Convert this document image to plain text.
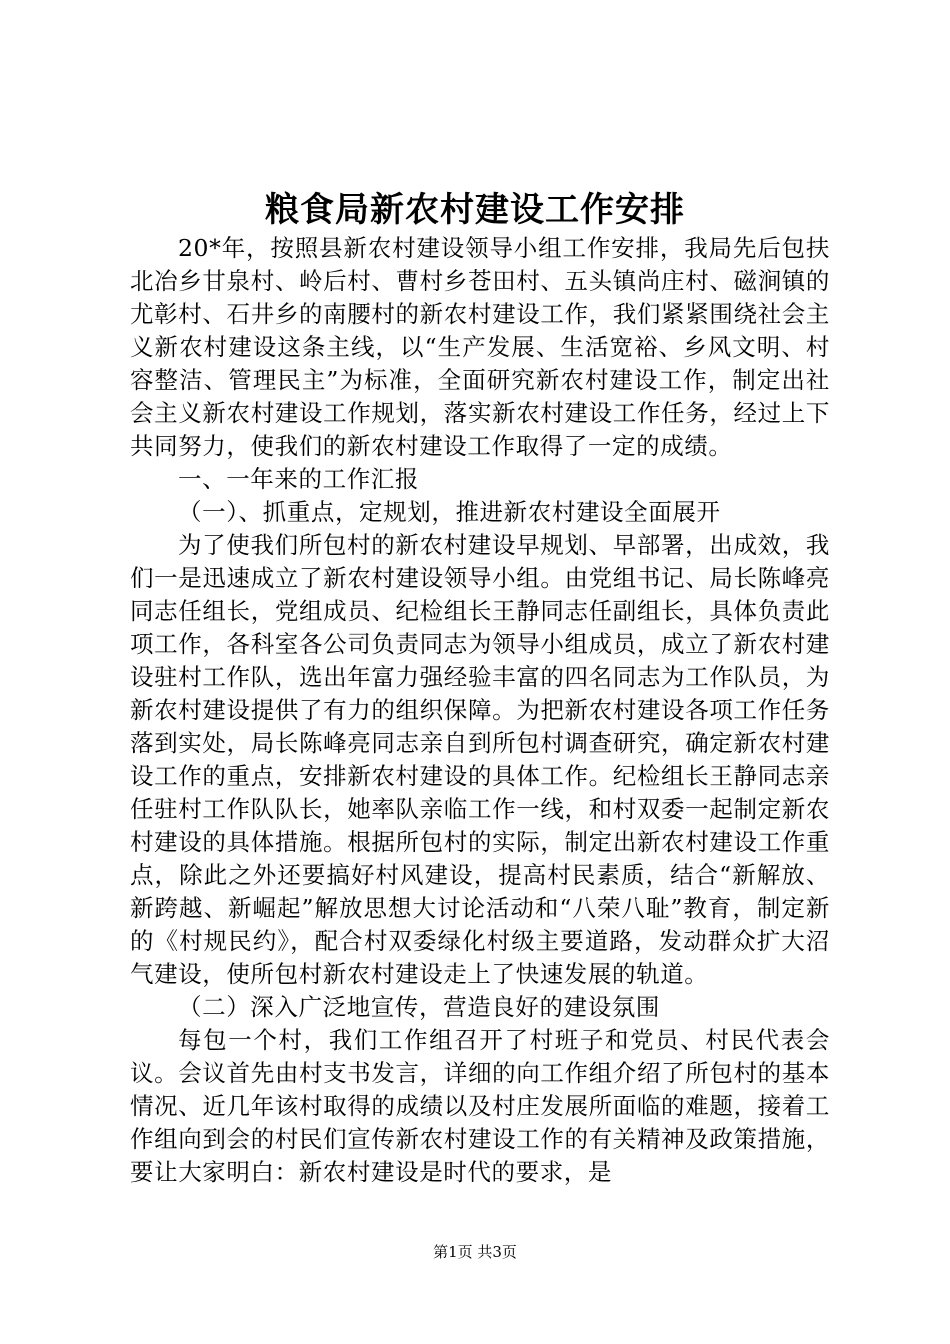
粮食局新农村建设工作安排

20*年，按照县新农村建设领导小组工作安排，我局先后包扶北冶乡甘泉村、岭后村、曹村乡苍田村、五头镇尚庄村、磁涧镇的尤彰村、石井乡的南腰村的新农村建设工作，我们紧紧围绕社会主义新农村建设这条主线，以“生产发展、生活宽裕、乡风文明、村容整洁、管理民主”为标准，全面研究新农村建设工作，制定出社会主义新农村建设工作规划，落实新农村建设工作任务，经过上下共同努力，使我们的新农村建设工作取得了一定的成绩。

一、一年来的工作汇报

（一）、抓重点，定规划，推进新农村建设全面展开

为了使我们所包村的新农村建设早规划、早部署，出成效，我们一是迅速成立了新农村建设领导小组。由党组书记、局长陈峰亮同志任组长，党组成员、纪检组长王静同志任副组长，具体负责此项工作，各科室各公司负责同志为领导小组成员，成立了新农村建设驻村工作队，选出年富力强经验丰富的四名同志为工作队员，为新农村建设提供了有力的组织保障。为把新农村建设各项工作任务落到实处，局长陈峰亮同志亲自到所包村调查研究，确定新农村建设工作的重点，安排新农村建设的具体工作。纪检组长王静同志亲任驻村工作队队长，她率队亲临工作一线，和村双委一起制定新农村建设的具体措施。根据所包村的实际，制定出新农村建设工作重点，除此之外还要搞好村风建设，提高村民素质，结合“新解放、新跨越、新崛起”解放思想大讨论活动和“八荣八耻”教育，制定新的《村规民约》，配合村双委绿化村级主要道路，发动群众扩大沼气建设，使所包村新农村建设走上了快速发展的轨道。

（二）深入广泛地宣传，营造良好的建设氛围

每包一个村，我们工作组召开了村班子和党员、村民代表会议。会议首先由村支书发言，详细的向工作组介绍了所包村的基本情况、近几年该村取得的成绩以及村庄发展所面临的难题，接着工作组向到会的村民们宣传新农村建设工作的有关精神及政策措施，要让大家明白：新农村建设是时代的要求，是

第1页 共3页
